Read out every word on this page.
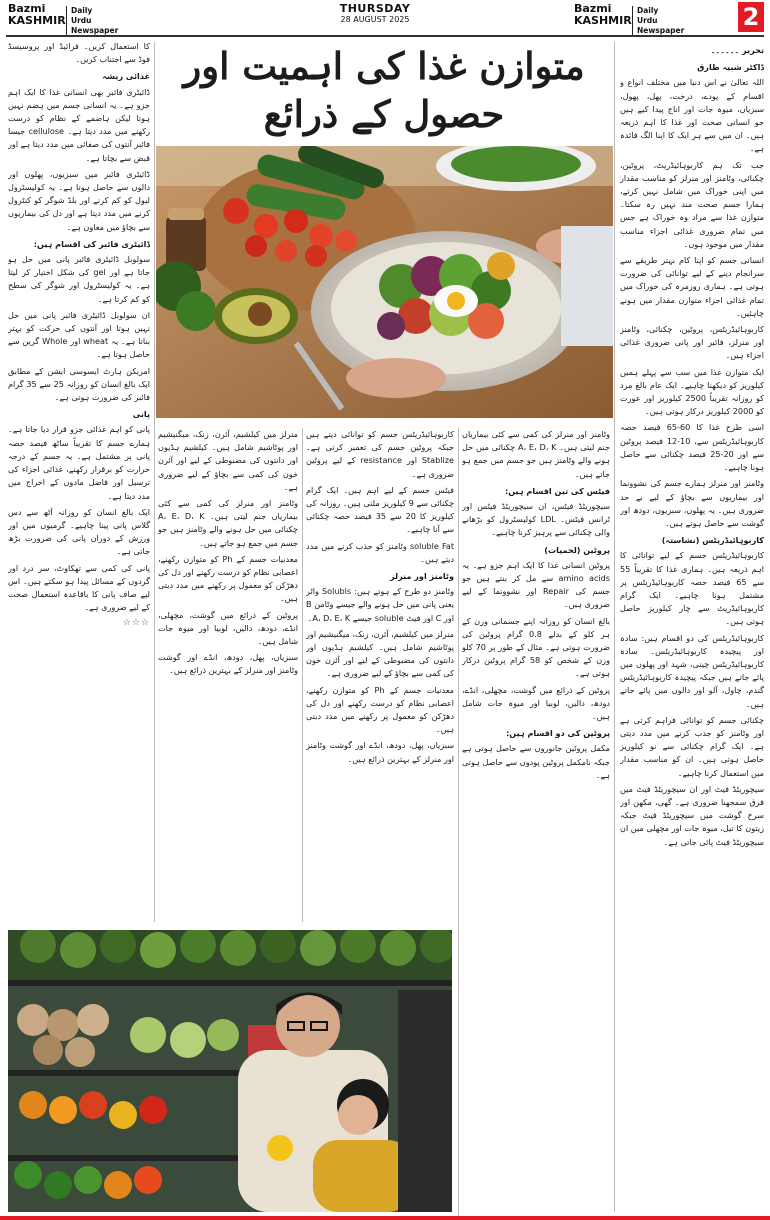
Bazmi
KASHMIR
Daily
Urdu Newspaper
THURSDAY
28 AUGUST 2025
Bazmi
KASHMIR
Daily
Urdu Newspaper	2
متوازن غذا کی اہمیت اور حصول کے ذرائع

تحریر ۔۔۔۔۔۔

ڈاکٹر شبیہ طارق

اللہ تعالیٰ نے اس دنیا میں مختلف انواع و اقسام کے پودے، درخت، پھل، پھول، سبزیاں، میوہ جات اور اناج پیدا کیے ہیں جو انسانی صحت اور غذا کا اہم ذریعہ ہیں۔ ان میں سے ہر ایک کا اپنا الگ فائدہ ہے۔

جب تک ہم کاربوہائیڈریٹ، پروٹین، چکنائی، وٹامنز اور منرلز کو مناسب مقدار میں اپنی خوراک میں شامل نہیں کرتے، ہمارا جسم صحت مند نہیں رہ سکتا۔ متوازن غذا سے مراد وہ خوراک ہے جس میں تمام ضروری غذائی اجزاء مناسب مقدار میں موجود ہوں۔

انسانی جسم کو اپنا کام بہتر طریقے سے سرانجام دینے کے لیے توانائی کی ضرورت ہوتی ہے۔ ہماری روزمرہ کی خوراک میں تمام غذائی اجزاء متوازن مقدار میں ہونے چاہئیں۔

کاربوہائیڈریٹس، پروٹین، چکنائی، وٹامنز اور منرلز، فائبر اور پانی ضروری غذائی اجزاء ہیں۔

ایک متوازن غذا میں سب سے پہلے ہمیں کیلوریز کو دیکھنا چاہیے۔ ایک عام بالغ مرد کو روزانہ تقریباً 2500 کیلوریز اور عورت کو 2000 کیلوریز درکار ہوتی ہیں۔

اسی طرح غذا کا 60-65 فیصد حصہ کاربوہائیڈریٹس سے، 10-12 فیصد پروٹین سے اور 20-25 فیصد چکنائی سے حاصل ہونا چاہیے۔

وٹامنز اور منرلز ہمارے جسم کی نشوونما اور بیماریوں سے بچاؤ کے لیے بے حد ضروری ہیں۔ یہ پھلوں، سبزیوں، دودھ اور گوشت سے حاصل ہوتے ہیں۔

کاربوہائیڈریٹس (نشاستہ)

کاربوہائیڈریٹس جسم کے لیے توانائی کا اہم ذریعہ ہیں۔ ہماری غذا کا تقریباً 55 سے 65 فیصد حصہ کاربوہائیڈریٹس پر مشتمل ہونا چاہیے۔ ایک گرام کاربوہائیڈریٹ سے چار کیلوریز حاصل ہوتی ہیں۔

کاربوہائیڈریٹس کی دو اقسام ہیں: سادہ اور پیچیدہ کاربوہائیڈریٹس۔ سادہ کاربوہائیڈریٹس چینی، شہد اور پھلوں میں پائے جاتے ہیں جبکہ پیچیدہ کاربوہائیڈریٹس گندم، چاول، آلو اور دالوں میں پائے جاتے ہیں۔

چکنائی جسم کو توانائی فراہم کرتی ہے اور وٹامنز کو جذب کرنے میں مدد دیتی ہے۔ ایک گرام چکنائی سے نو کیلوریز حاصل ہوتی ہیں۔ ان کو مناسب مقدار میں استعمال کرنا چاہیے۔

سیچوریٹڈ فیٹ اور ان سیچوریٹڈ فیٹ میں فرق سمجھنا ضروری ہے۔ گھی، مکھن اور سرخ گوشت میں سیچوریٹڈ فیٹ جبکہ زیتون کا تیل، میوہ جات اور مچھلی میں ان سیچوریٹڈ فیٹ پائی جاتی ہے۔

کا استعمال کریں۔ فرائیڈ اور پروسیسڈ فوڈ سے اجتناب کریں۔

غذائی ریشہ

ڈائیٹری فائبر بھی انسانی غذا کا ایک اہم جزو ہے۔ یہ انسانی جسم میں ہضم نہیں ہوتا لیکن ہاضمے کے نظام کو درست رکھنے میں مدد دیتا ہے۔ cellulose جیسا فائبر آنتوں کی صفائی میں مدد دیتا ہے اور قبض سے بچاتا ہے۔

ڈائیٹری فائبر میں سبزیوں، پھلوں اور دالوں سے حاصل ہوتا ہے۔ یہ کولیسٹرول لیول کو کم کرنے اور بلڈ شوگر کو کنٹرول کرنے میں مدد دیتا ہے اور دل کی بیماریوں سے بچاؤ میں معاون ہے۔

ڈائیٹری فائبر کی اقسام ہیں:

سولوبل ڈائیٹری فائبر پانی میں حل ہو جاتا ہے اور gel کی شکل اختیار کر لیتا ہے۔ یہ کولیسٹرول اور شوگر کی سطح کو کم کرتا ہے۔

ان سولوبل ڈائیٹری فائبر پانی میں حل نہیں ہوتا اور آنتوں کی حرکت کو بہتر بناتا ہے۔ یہ wheat اور Whole گرین سے حاصل ہوتا ہے۔

امریکن ہارٹ ایسوسی ایشن کے مطابق ایک بالغ انسان کو روزانہ 25 سے 35 گرام فائبر کی ضرورت ہوتی ہے۔

پانی

پانی کو اہم غذائی جزو قرار دیا جاتا ہے۔ ہمارے جسم کا تقریباً ساٹھ فیصد حصہ پانی پر مشتمل ہے۔ یہ جسم کے درجہ حرارت کو برقرار رکھنے، غذائی اجزاء کی ترسیل اور فاضل مادوں کے اخراج میں مدد دیتا ہے۔

ایک بالغ انسان کو روزانہ آٹھ سے دس گلاس پانی پینا چاہیے۔ گرمیوں میں اور ورزش کے دوران پانی کی ضرورت بڑھ جاتی ہے۔

پانی کی کمی سے تھکاوٹ، سر درد اور گردوں کے مسائل پیدا ہو سکتے ہیں۔ اس لیے صاف پانی کا باقاعدہ استعمال صحت کے لیے ضروری ہے۔

☆☆☆

وٹامنز اور منرلز کی کمی سے کئی بیماریاں جنم لیتی ہیں۔ A، E، D، K چکنائی میں حل ہونے والے وٹامنز ہیں جو جسم میں جمع ہو جاتے ہیں۔

فیٹس کی تین اقسام ہیں:

سیچوریٹڈ فیٹس، ان سیچوریٹڈ فیٹس اور ٹرانس فیٹس۔ LDL کولیسٹرول کو بڑھانے والی چکنائی سے پرہیز کرنا چاہیے۔

پروٹین (لحمیات)

پروٹین انسانی غذا کا ایک اہم جزو ہے۔ یہ amino acids سے مل کر بنتے ہیں جو جسم کی Repair اور نشوونما کے لیے ضروری ہیں۔

بالغ انسان کو روزانہ اپنے جسمانی وزن کے ہر کلو کے بدلے 0.8 گرام پروٹین کی ضرورت ہوتی ہے۔ مثال کے طور پر 70 کلو وزن کے شخص کو 58 گرام پروٹین درکار ہوتی ہے۔

پروٹین کے ذرائع میں گوشت، مچھلی، انڈے، دودھ، دالیں، لوبیا اور میوہ جات شامل ہیں۔

پروٹین کی دو اقسام ہیں:

مکمل پروٹین جانوروں سے حاصل ہوتی ہے جبکہ نامکمل پروٹین پودوں سے حاصل ہوتی ہے۔

کاربوہائیڈریٹس جسم کو توانائی دیتے ہیں جبکہ پروٹین جسم کی تعمیر کرتی ہے۔ Stablize اور resistance کے لیے پروٹین ضروری ہے۔

فیٹس جسم کے لیے اہم ہیں۔ ایک گرام چکنائی سے 9 کیلوریز ملتی ہیں۔ روزانہ کی کیلوریز کا 20 سے 35 فیصد حصہ چکنائی سے آنا چاہیے۔

soluble Fat وٹامنز کو جذب کرنے میں مدد دیتے ہیں۔

وٹامنز اور منرلز

وٹامنز دو طرح کے ہوتے ہیں: Solubls واٹر یعنی پانی میں حل ہونے والے جیسے وٹامن B اور C اور فیٹ soluble جیسے A، D، E، K۔

منرلز میں کیلشیم، آئرن، زنک، میگنیشیم اور پوٹاشیم شامل ہیں۔ کیلشیم ہڈیوں اور دانتوں کی مضبوطی کے لیے اور آئرن خون کی کمی سے بچاؤ کے لیے ضروری ہے۔

معدنیات جسم کے Ph کو متوازن رکھنے، اعصابی نظام کو درست رکھنے اور دل کی دھڑکن کو معمول پر رکھنے میں مدد دیتی ہیں۔

سبزیاں، پھل، دودھ، انڈے اور گوشت وٹامنز اور منرلز کے بہترین ذرائع ہیں۔

منرلز میں کیلشیم، آئرن، زنک، میگنیشیم اور پوٹاشیم شامل ہیں۔ کیلشیم ہڈیوں اور دانتوں کی مضبوطی کے لیے اور آئرن خون کی کمی سے بچاؤ کے لیے ضروری ہے۔

وٹامنز اور منرلز کی کمی سے کئی بیماریاں جنم لیتی ہیں۔ A، E، D، K چکنائی میں حل ہونے والے وٹامنز ہیں جو جسم میں جمع ہو جاتے ہیں۔

معدنیات جسم کے Ph کو متوازن رکھنے، اعصابی نظام کو درست رکھنے اور دل کی دھڑکن کو معمول پر رکھنے میں مدد دیتی ہیں۔

پروٹین کے ذرائع میں گوشت، مچھلی، انڈے، دودھ، دالیں، لوبیا اور میوہ جات شامل ہیں۔

سبزیاں، پھل، دودھ، انڈے اور گوشت وٹامنز اور منرلز کے بہترین ذرائع ہیں۔
